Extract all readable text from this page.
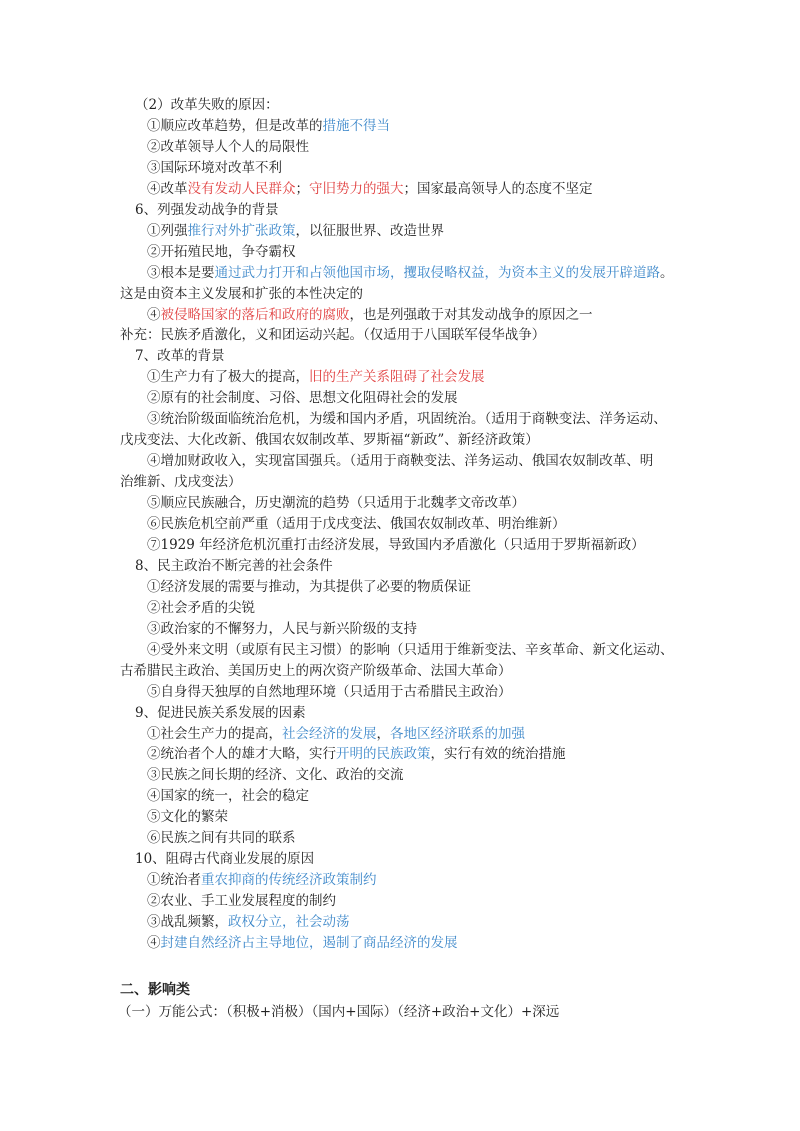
（2）改革失败的原因：
①顺应改革趋势，但是改革的措施不得当
②改革领导人个人的局限性
③国际环境对改革不利
④改革没有发动人民群众；守旧势力的强大；国家最高领导人的态度不坚定
6、列强发动战争的背景
①列强推行对外扩张政策，以征服世界、改造世界
②开拓殖民地，争夺霸权
③根本是要通过武力打开和占领他国市场，攫取侵略权益，为资本主义的发展开辟道路。
这是由资本主义发展和扩张的本性决定的
④被侵略国家的落后和政府的腐败，也是列强敢于对其发动战争的原因之一
补充：民族矛盾激化，义和团运动兴起。（仅适用于八国联军侵华战争）
7、改革的背景
①生产力有了极大的提高，旧的生产关系阻碍了社会发展
②原有的社会制度、习俗、思想文化阻碍社会的发展
③统治阶级面临统治危机，为缓和国内矛盾，巩固统治。（适用于商鞅变法、洋务运动、
戊戌变法、大化改新、俄国农奴制改革、罗斯福“新政”、新经济政策）
④增加财政收入，实现富国强兵。（适用于商鞅变法、洋务运动、俄国农奴制改革、明
治维新、戊戌变法）
⑤顺应民族融合，历史潮流的趋势（只适用于北魏孝文帝改革）
⑥民族危机空前严重（适用于戊戌变法、俄国农奴制改革、明治维新）
⑦1929 年经济危机沉重打击经济发展，导致国内矛盾激化（只适用于罗斯福新政）
8、民主政治不断完善的社会条件
①经济发展的需要与推动，为其提供了必要的物质保证
②社会矛盾的尖锐
③政治家的不懈努力，人民与新兴阶级的支持
④受外来文明（或原有民主习惯）的影响（只适用于维新变法、辛亥革命、新文化运动、
古希腊民主政治、美国历史上的两次资产阶级革命、法国大革命）
⑤自身得天独厚的自然地理环境（只适用于古希腊民主政治）
9、促进民族关系发展的因素
①社会生产力的提高，社会经济的发展，各地区经济联系的加强
②统治者个人的雄才大略，实行开明的民族政策，实行有效的统治措施
③民族之间长期的经济、文化、政治的交流
④国家的统一，社会的稳定
⑤文化的繁荣
⑥民族之间有共同的联系
10、阻碍古代商业发展的原因
①统治者重农抑商的传统经济政策制约
②农业、手工业发展程度的制约
③战乱频繁，政权分立，社会动荡
④封建自然经济占主导地位，遏制了商品经济的发展
二、影响类
（一）万能公式：（积极+消极）（国内+国际）（经济+政治+文化）+深远
